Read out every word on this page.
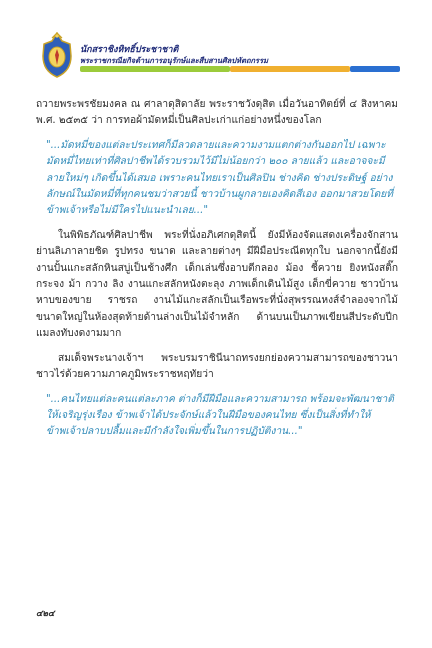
นักสราชิงหิทธิ์ประชาชาติ
พระราชกรณียกิจด้านการอนุรักษ์และสืบสานศิลปหัตถกรรม

ถวายพระพรชัยมงคล ณ ศาลาดุสิดาลัย พระราชวังดุสิต เมื่อวันอาทิตย์ที่ ๔ สิงหาคม พ.ศ. ๒๕๓๕ ว่า การทอผ้ามัดหมี่เป็นศิลปะเก่าแก่อย่างหนึ่งของโลก

"...มัดหมี่ของแต่ละประเทศก็มีลวดลายและความงามแตกต่างกันออกไป เฉพาะมัดหมี่ไทยเท่าที่ศิลปาชีพได้รวบรวมไว้มีไม่น้อยกว่า ๒๐๐ ลายแล้ว และอาจจะมีลายใหม่ๆ เกิดขึ้นได้เสมอ เพราะคนไทยเราเป็นศิลปิน ช่างคิด ช่างประดิษฐ์ อย่างลักษณ์ในมัดหมี่ที่ทุกคนชมว่าสวยนี้ ชาวบ้านผูกลายเองคิดสีเอง ออกมาสวยโดยที่ข้าพเจ้าหรือไม่มีใครไปแนะนำเลย..."

ในพิพิธภัณฑ์ศิลปาชีพ พระที่นั่งอภิเศกดุสิตนี้ ยังมีห้องจัดแสดงเครื่องจักสานย่านลิเภาลายชิด รูปทรง ขนาด และลายต่างๆ มีฝีมือประณีตทุกใบ นอกจากนี้ยังมีงานปั้นแกะสลักหินสบู่เป็นช้างศึก เด็กเล่นซึ่งอาบตีกลอง ม้อง ชี้ควาย ยิงหนังสติ๊ก กระจง ม้า กวาง ลิง งานแกะสลักหนังตะลุง ภาพเด็กเดินไม้สูง เด็กขี่ควาย ชาวบ้านหาบของขาย ราชรถ งานไม้แกะสลักเป็นเรือพระที่นั่งสุพรรณหงส์จำลองจากไม้ขนาดใหญ่ในห้องสุดท้ายด้านล่างเป็นไม้จำหลัก ด้านบนเป็นภาพเขียนสีประดับปีกแมลงทับงดงามมาก

สมเด็จพระนางเจ้าฯ พระบรมราชินีนาถทรงยกย่องความสามารถของชาวนาชาวไร่ด้วยความภาคภูมิพระราชหฤทัยว่า

"...คนไทยแต่ละคนแต่ละภาค ต่างก็มีฝีมือและความสามารถ พร้อมจะพัฒนาชาติให้เจริญรุ่งเรือง ข้าพเจ้าได้ประจักษ์แล้วในฝีมือของคนไทย ซึ่งเป็นสิ่งที่ทำให้ข้าพเจ้าปลาบปลื้มและมีกำลังใจเพิ่มขึ้นในการปฏิบัติงาน..."

๔๒๔
